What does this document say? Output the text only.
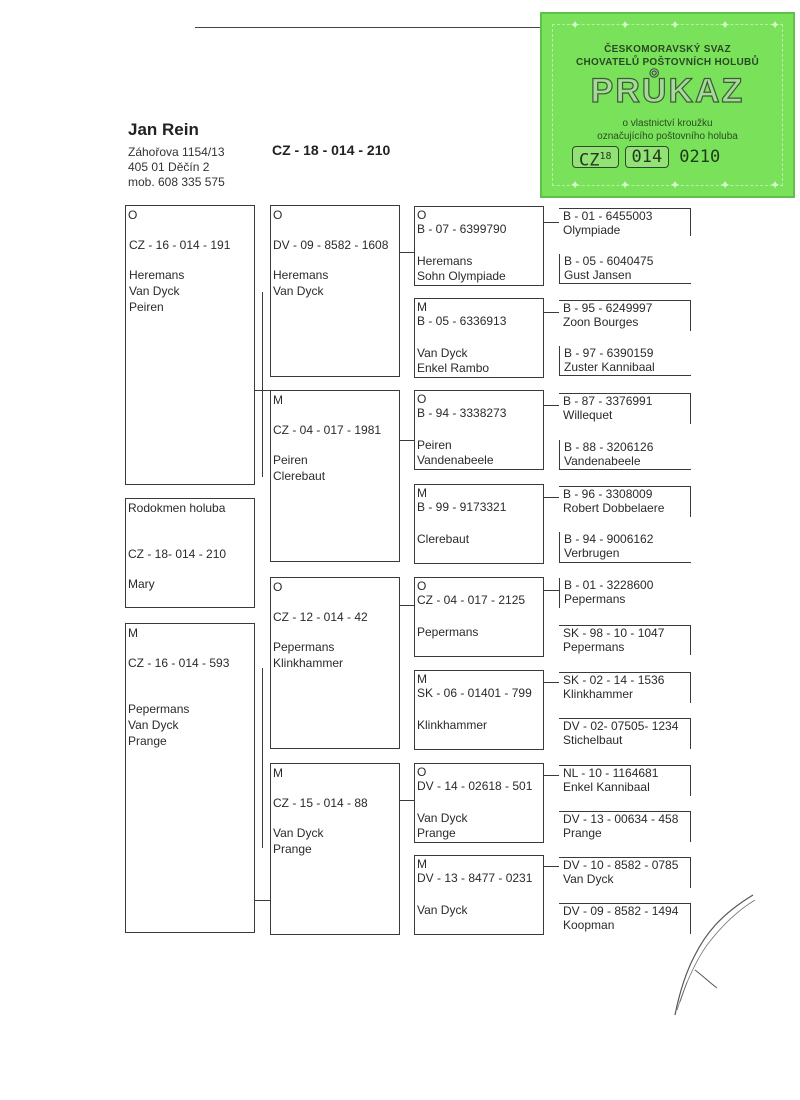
Jan Rein
Záhořova 1154/13
405 01 Děčín 2
mob. 608 335 575
CZ - 18 - 014 - 210
✦	✦	✦	✦	✦
✦	✦	✦	✦	✦
ČESKOMORAVSKÝ SVAZ
CHOVATELŮ POŠTOVNÍCH HOLUBŮ
PRŮKAZ
o vlastnictví kroužku
označujícího poštovního holuba
CZ$^{18}$	014	0210
O
CZ - 16 - 014 - 191
Heremans
Van Dyck
Peiren
Rodokmen holuba
CZ - 18- 014 - 210
Mary
M
CZ - 16 - 014 - 593
Pepermans
Van Dyck
Prange
O
DV - 09 - 8582 - 1608
Heremans
Van Dyck
M
CZ - 04 - 017 - 1981
Peiren
Clerebaut
O
CZ - 12 - 014 - 42
Pepermans
Klinkhammer
M
CZ - 15 - 014 - 88
Van Dyck
Prange
O
B - 07 - 6399790
Heremans
Sohn Olympiade
M
B - 05 - 6336913
Van Dyck
Enkel Rambo
O
B - 94 - 3338273
Peiren
Vandenabeele
M
B - 99 - 9173321
Clerebaut
O
CZ - 04 - 017 - 2125
Pepermans
M
SK - 06 - 01401 - 799
Klinkhammer
O
DV - 14 - 02618 - 501
Van Dyck
Prange
M
DV - 13 - 8477 - 0231
Van Dyck
B - 01 - 6455003
Olympiade
B - 05 - 6040475
Gust Jansen
B - 95 - 6249997
Zoon Bourges
B - 97 - 6390159
Zuster Kannibaal
B - 87 - 3376991
Willequet
B - 88 - 3206126
Vandenabeele
B - 96 - 3308009
Robert Dobbelaere
B - 94 - 9006162
Verbrugen
B - 01 - 3228600
Pepermans
SK - 98 - 10 - 1047
Pepermans
SK - 02 - 14 - 1536
Klinkhammer
DV - 02- 07505- 1234
Stichelbaut
NL - 10 - 1164681
Enkel Kannibaal
DV - 13 - 00634 - 458
Prange
DV - 10 - 8582 - 0785
Van Dyck
DV - 09 - 8582 - 1494
Koopman
